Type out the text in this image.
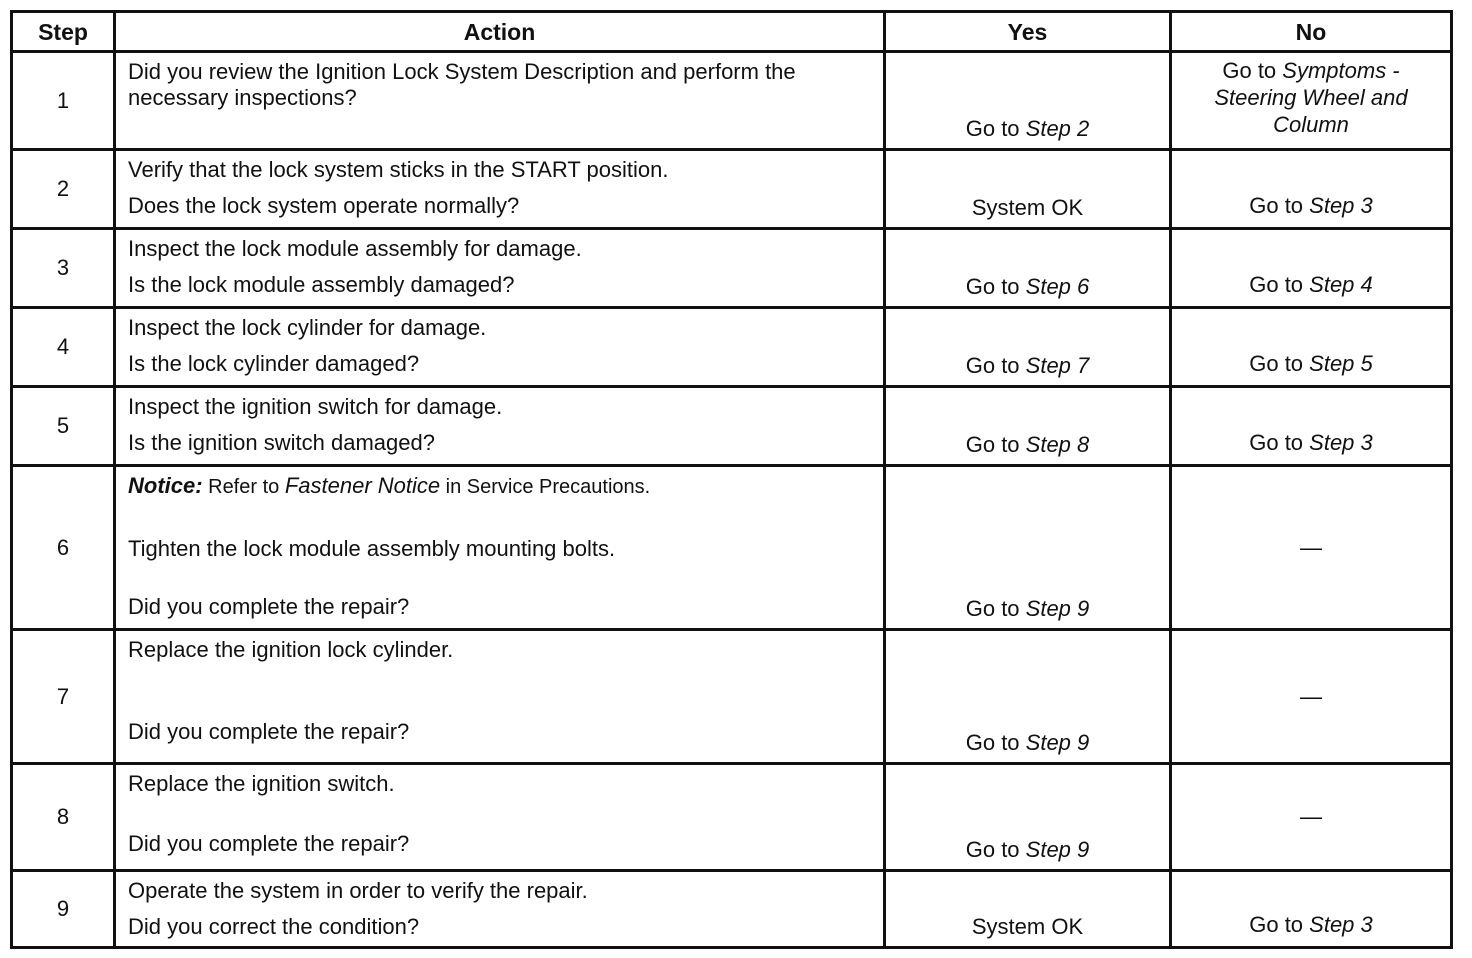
Step	Action	Yes	No
1	Did you review the Ignition Lock System Description and perform the necessary inspections?	Go to Step 2	Go to Symptoms -
Steering Wheel and
Column

2	Verify that the lock system sticks in the START position.

Does the lock system operate normally?	System OK	Go to Step 3

3	Inspect the lock module assembly for damage.

Is the lock module assembly damaged?	Go to Step 6	Go to Step 4

4	Inspect the lock cylinder for damage.

Is the lock cylinder damaged?	Go to Step 7	Go to Step 5

5	Inspect the ignition switch for damage.

Is the ignition switch damaged?	Go to Step 8	Go to Step 3

6	Notice: Refer to Fastener Notice in Service Precautions.

Tighten the lock module assembly mounting bolts.

Did you complete the repair?	Go to Step 9	—
7	Replace the ignition lock cylinder.

Did you complete the repair?	Go to Step 9	—
8	Replace the ignition switch.

Did you complete the repair?	Go to Step 9	—
9	Operate the system in order to verify the repair.

Did you correct the condition?	System OK	Go to Step 3
